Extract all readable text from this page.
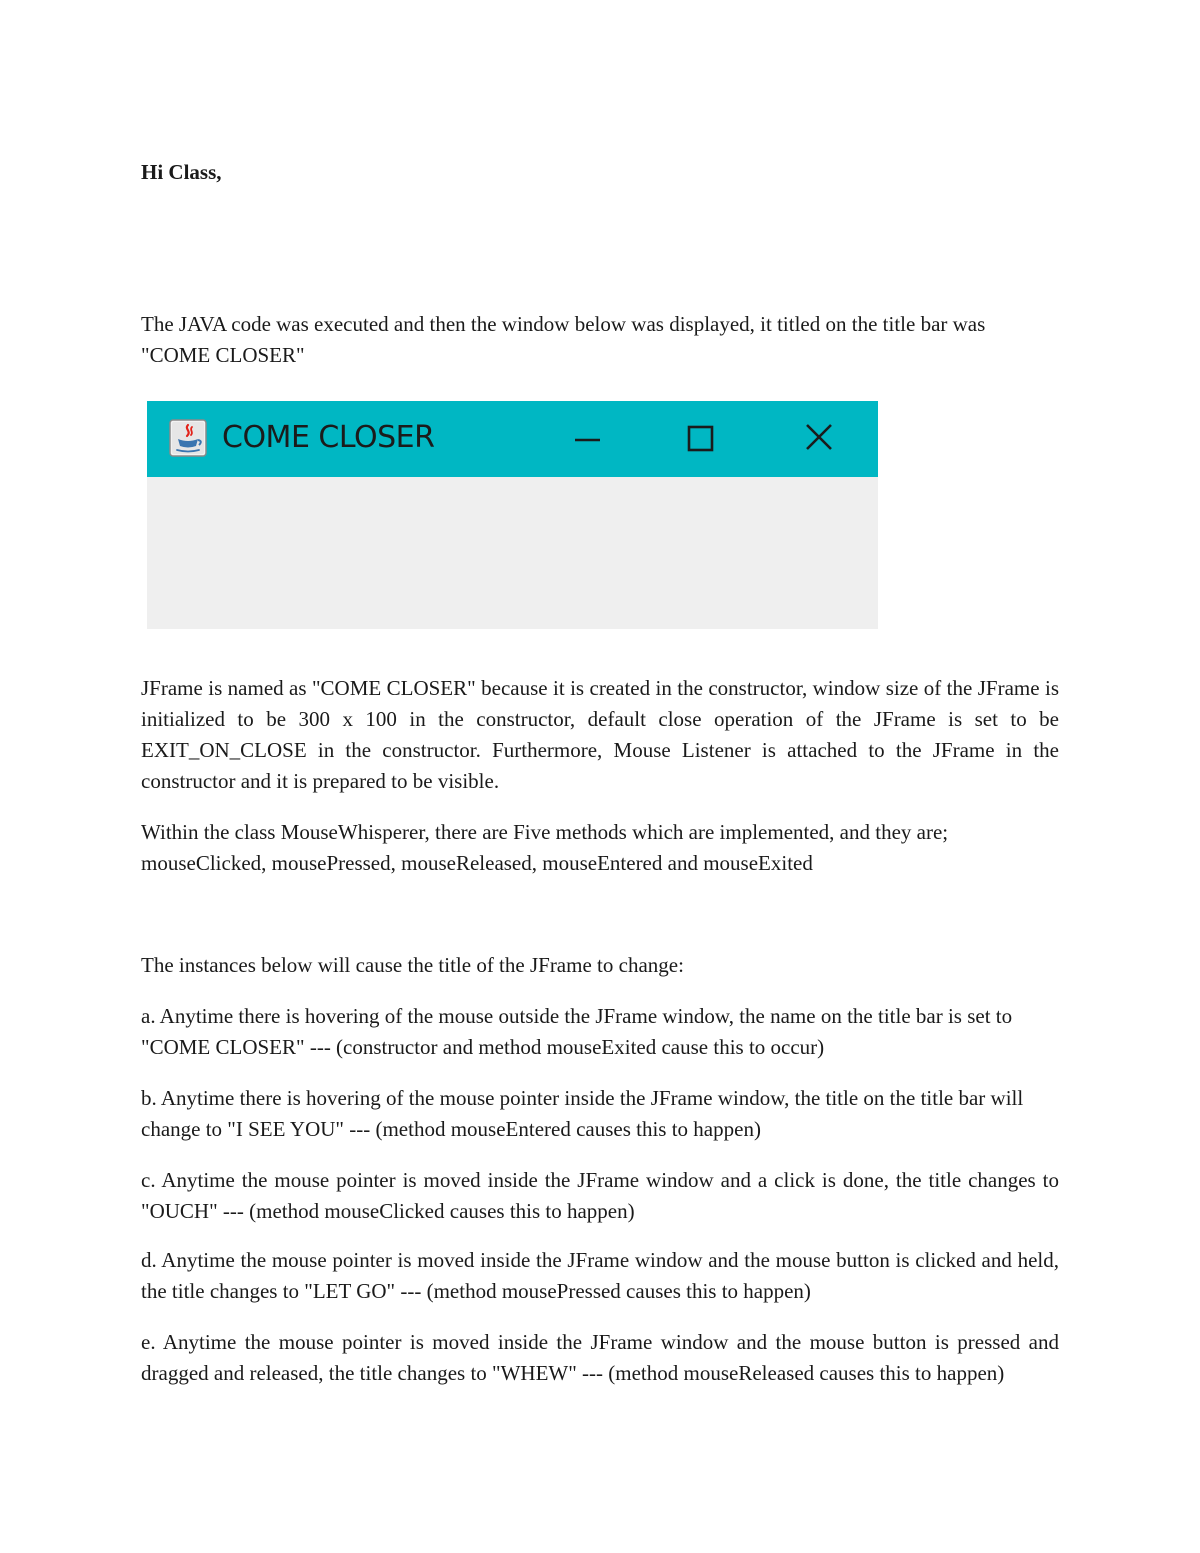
Hi Class,

The JAVA code was executed and then the window below was displayed, it titled on the title bar was "COME CLOSER"

JFrame is named as "COME CLOSER" because it is created in the constructor, window size of the JFrame is initialized to be 300 x 100 in the constructor, default close operation of the JFrame is set to be EXIT_ON_CLOSE in the constructor. Furthermore, Mouse Listener is attached to the JFrame in the constructor and it is prepared to be visible.

Within the class MouseWhisperer, there are Five methods which are implemented, and they are; mouseClicked, mousePressed, mouseReleased, mouseEntered and mouseExited

The instances below will cause the title of the JFrame to change:

a. Anytime there is hovering of the mouse outside the JFrame window, the name on the title bar is set to "COME CLOSER" --- (constructor and method mouseExited cause this to occur)

b. Anytime there is hovering of the mouse pointer inside the JFrame window, the title on the title bar will change to "I SEE YOU" --- (method mouseEntered causes this to happen)

c. Anytime the mouse pointer is moved inside the JFrame window and a click is done, the title changes to "OUCH" --- (method mouseClicked causes this to happen)

d. Anytime the mouse pointer is moved inside the JFrame window and the mouse button is clicked and held, the title changes to "LET GO" --- (method mousePressed causes this to happen)

e. Anytime the mouse pointer is moved inside the JFrame window and the mouse button is pressed and dragged and released, the title changes to "WHEW" --- (method mouseReleased causes this to happen)

COME CLOSER
